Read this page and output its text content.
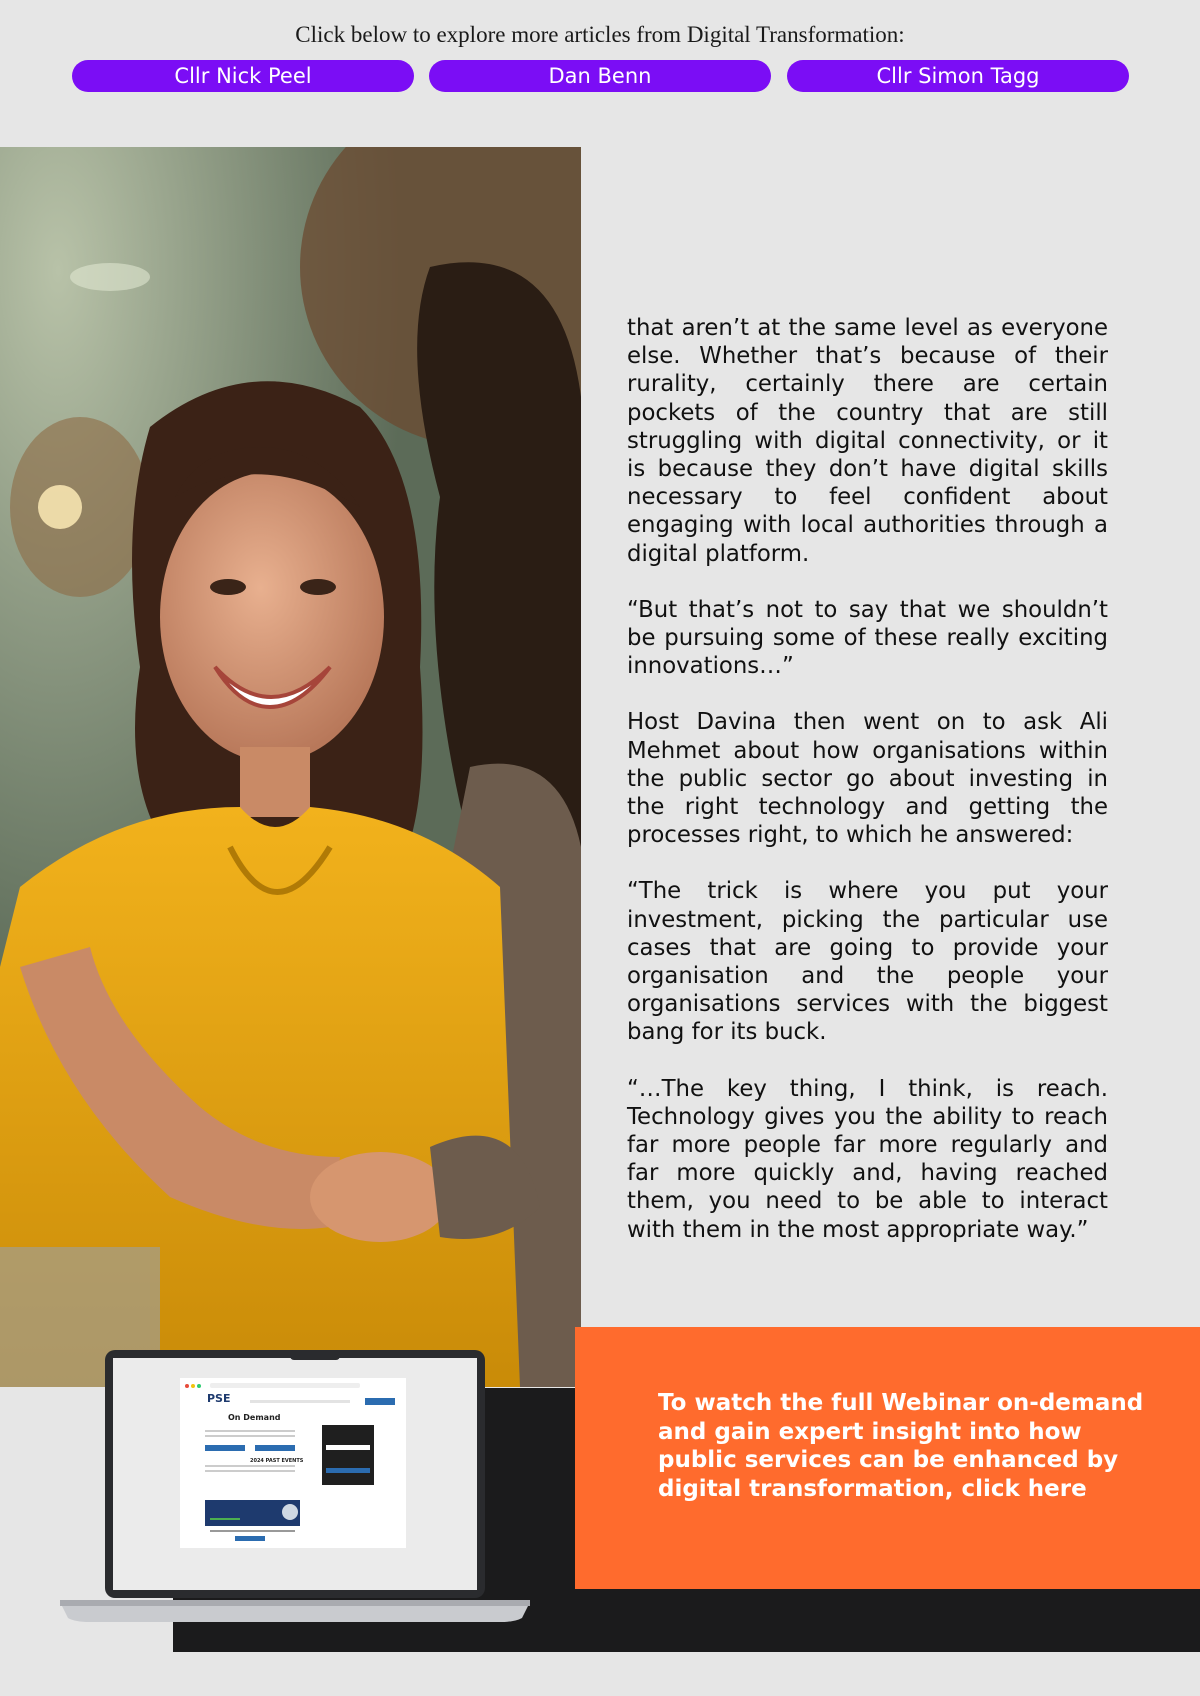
Click below to explore more articles from Digital Transformation:
Cllr Nick Peel	Dan Benn	Cllr Simon Tagg

that aren’t at the same level as everyone else. Whether that’s because of their rurality, certainly there are certain pockets of the country that are still struggling with digital connectivity, or it is because they don’t have digital skills necessary to feel confident about engaging with local authorities through a digital platform.

“But that’s not to say that we shouldn’t be pursuing some of these really exciting innovations…”

Host Davina then went on to ask Ali Mehmet about how organisations within the public sector go about investing in the right technology and getting the processes right, to which he answered:

“The trick is where you put your investment, picking the particular use cases that are going to provide your organisation and the people your organisations services with the biggest bang for its buck.

“…The key thing, I think, is reach. Technology gives you the ability to reach far more people far more regularly and far more quickly and, having reached them, you need to be able to interact with them in the most appropriate way.”

To watch the full Webinar on-demand and gain expert insight into how public services can be enhanced by digital transformation, click here
PSE
On Demand
2024 PAST EVENTS
